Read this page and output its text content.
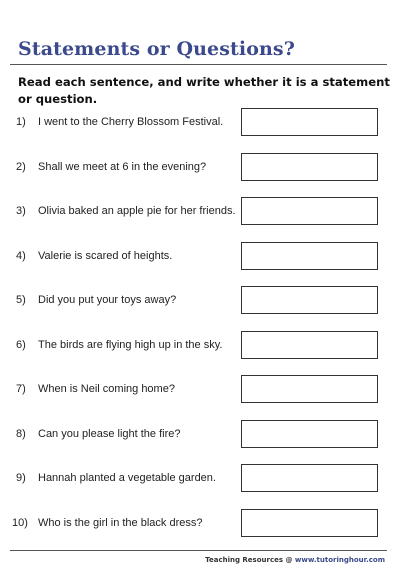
Statements or Questions?
Read each sentence, and write whether it is a statement or question.
1)	I went to the Cherry Blossom Festival.
2)	Shall we meet at 6 in the evening?
3)	Olivia baked an apple pie for her friends.
4)	Valerie is scared of heights.
5)	Did you put your toys away?
6)	The birds are flying high up in the sky.
7)	When is Neil coming home?
8)	Can you please light the fire?
9)	Hannah planted a vegetable garden.
10) Who is the girl in the black dress?
Teaching Resources @ www.tutoringhour.com
